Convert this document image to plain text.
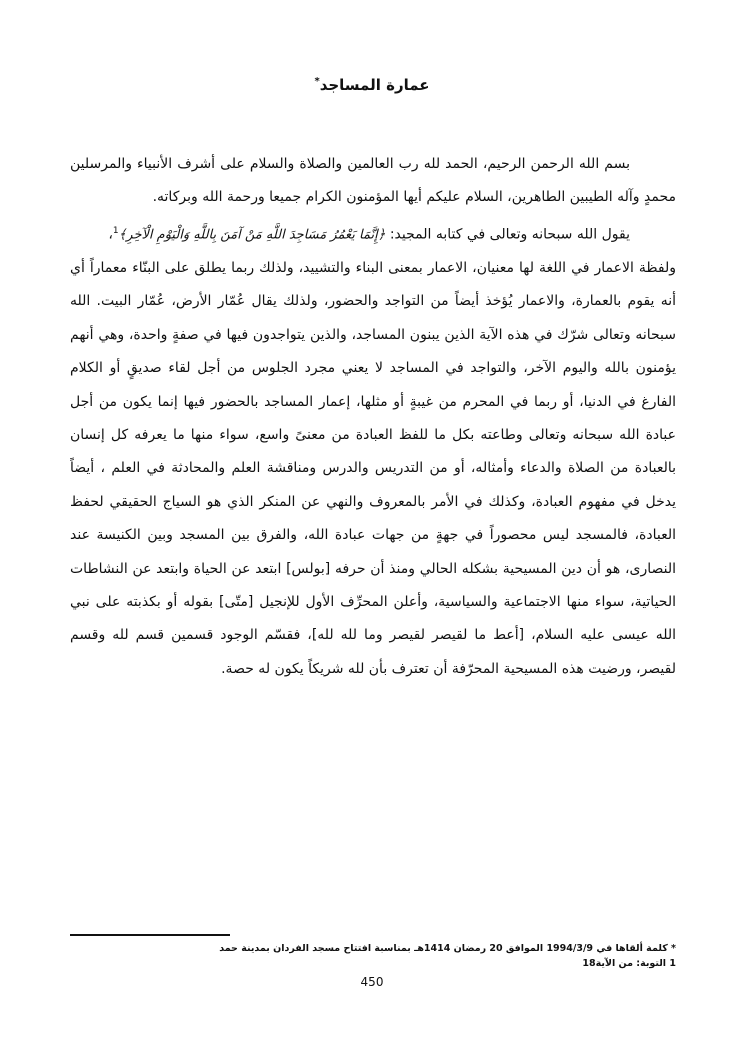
عمارة المساجد*

بسم الله الرحمن الرحيم، الحمد لله رب العالمين والصلاة والسلام على أشرف الأنبياء والمرسلين محمدٍ وآله الطيبين الطاهرين، السلام عليكم أيها المؤمنون الكرام جميعا ورحمة الله وبركاته.

يقول الله سبحانه وتعالى في كتابه المجيد: ﴿إِنَّمَا يَعْمُرُ مَسَاجِدَ اللَّهِ مَنْ آمَنَ بِاللَّهِ وَالْيَوْمِ الْآخِرِ﴾$^1$،

ولفظة الاعمار في اللغة لها معنيان، الاعمار بمعنى البناء والتشييد، ولذلك ربما يطلق على البنّاء معماراً أي أنه يقوم بالعمارة، والاعمار يُؤخذ أيضاً من التواجد والحضور، ولذلك يقال عُمّار الأرض، عُمّار البيت. الله سبحانه وتعالى شرّك في هذه الآية الذين يبنون المساجد، والذين يتواجدون فيها في صفةٍ واحدة، وهي أنهم يؤمنون بالله واليوم الآخر، والتواجد في المساجد لا يعني مجرد الجلوس من أجل لقاء صديقٍ أو الكلام الفارغ في الدنيا، أو ربما في المحرم من غيبةٍ أو مثلها، إعمار المساجد بالحضور فيها إنما يكون من أجل عبادة الله سبحانه وتعالى وطاعته بكل ما للفظ العبادة من معنىً واسع، سواء منها ما يعرفه كل إنسان بالعبادة من الصلاة والدعاء وأمثاله، أو من التدريس والدرس ومناقشة العلم والمحادثة في العلم ، أيضاً يدخل في مفهوم العبادة، وكذلك في الأمر بالمعروف والنهي عن المنكر الذي هو السياج الحقيقي لحفظ العبادة، فالمسجد ليس محصوراً في جهةٍ من جهات عبادة الله، والفرق بين المسجد وبين الكنيسة عند النصارى، هو أن دين المسيحية بشكله الحالي ومنذ أن حرفه [بولس] ابتعد عن الحياة وابتعد عن النشاطات الحياتية، سواء منها الاجتماعية والسياسية، وأعلن المحرِّف الأول للإنجيل [متّى] بقوله أو بكذبته على نبي الله عيسى عليه السلام، [أعط ما لقيصر لقيصر وما لله لله]، فقسّم الوجود قسمين قسم لله وقسم لقيصر، ورضيت هذه المسيحية المحرّفة أن تعترف بأن لله شريكاً يكون له حصة.

* كلمة ألقاها في 1994/3/9 الموافق 20 رمضان 1414هـ بمناسبة افتتاح مسجد الفردان بمدينة حمد
1 التوبة: من الآية18
450
